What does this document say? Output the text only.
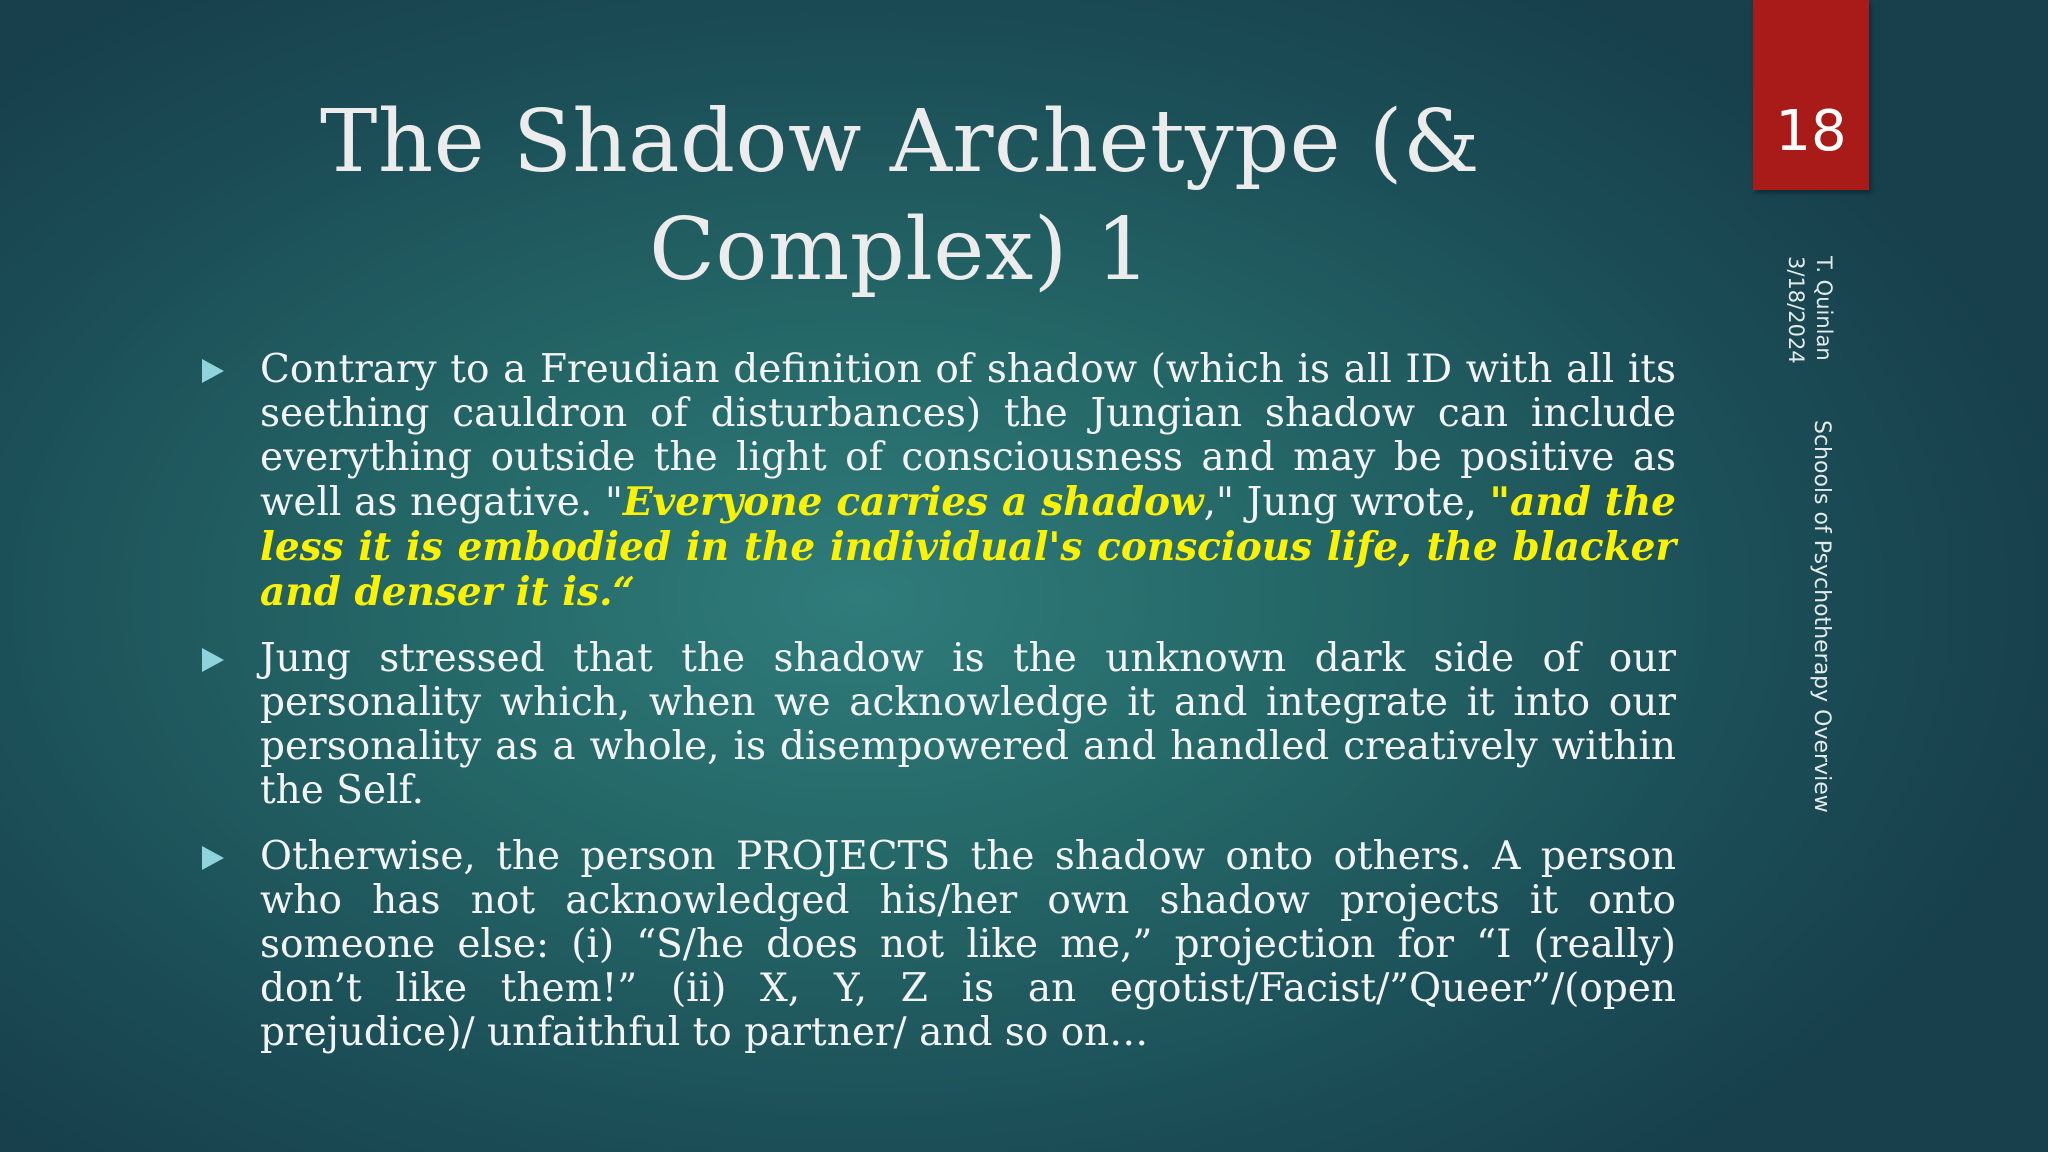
The Shadow Archetype (&
Complex) 1
18
T. Quinlan
3/18/2024
Schools of Psychotherapy Overview
Contrary to a Freudian definition of shadow (which is all ID with all its seething cauldron of disturbances) the Jungian shadow can include everything outside the light of consciousness and may be positive as well as negative. "Everyone carries a shadow," Jung wrote, "and the less it is embodied in the individual's conscious life, the blacker and denser it is.“
Jung stressed that the shadow is the unknown dark side of our personality which, when we acknowledge it and integrate it into our personality as a whole, is disempowered and handled creatively within the Self.
Otherwise, the person PROJECTS the shadow onto others. A person who has not acknowledged his/her own shadow projects it onto someone else: (i) “S/he does not like me,” projection for “I (really) don’t like them!” (ii) X, Y, Z is an egotist/Facist/”Queer”/(open prejudice)/ unfaithful to partner/ and so on…
